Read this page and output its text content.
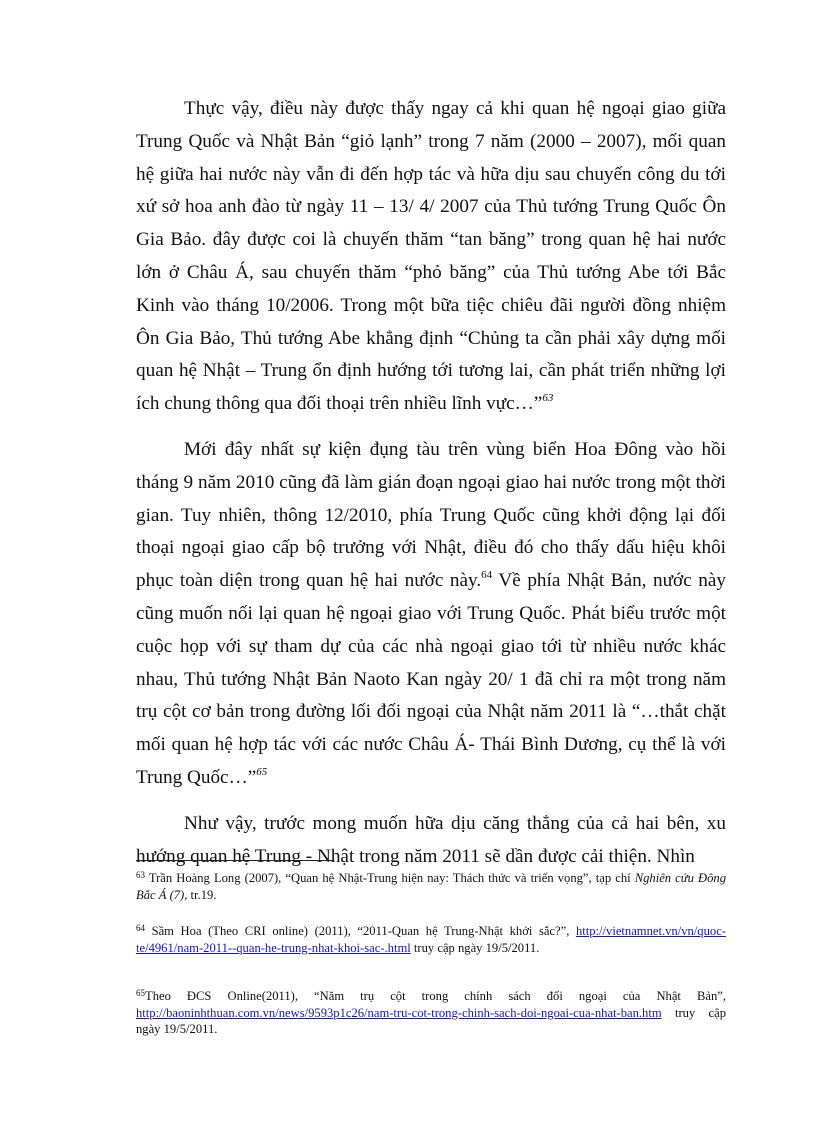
Thực vậy, điều này được thấy ngay cả khi quan hệ ngoại giao giữa Trung Quốc và Nhật Bản “giỏ lạnh” trong 7 năm (2000 – 2007), mối quan hệ giữa hai nước này vẫn đi đến hợp tác và hữa dịu sau chuyến công du tới xứ sở hoa anh đào từ ngày 11 – 13/ 4/ 2007 của Thủ tướng Trung Quốc Ôn Gia Bảo. đây được coi là chuyến thăm “tan băng” trong quan hệ hai nước lớn ở Châu Á, sau chuyến thăm “phỏ băng” của Thủ tướng Abe tới Bắc Kinh vào tháng 10/2006. Trong một bữa tiệc chiêu đãi người đồng nhiệm Ôn Gia Bảo, Thủ tướng Abe khẳng định “Chủng ta cần phải xây dựng mối quan hệ Nhật – Trung ổn định hướng tới tương lai, cần phát triển những lợi ích chung thông qua đối thoại trên nhiều lĩnh vực…”$^{63}$

Mới đây nhất sự kiện đụng tàu trên vùng biển Hoa Đông vào hồi tháng 9 năm 2010 cũng đã làm gián đoạn ngoại giao hai nước trong một thời gian. Tuy nhiên, thông 12/2010, phía Trung Quốc cũng khởi động lại đối thoại ngoại giao cấp bộ trưởng với Nhật, điều đó cho thấy dấu hiệu khôi phục toàn diện trong quan hệ hai nước này.$^{64}$ Về phía Nhật Bản, nước này cũng muốn nối lại quan hệ ngoại giao với Trung Quốc. Phát biểu trước một cuộc họp với sự tham dự của các nhà ngoại giao tới từ nhiều nước khác nhau, Thủ tướng Nhật Bản Naoto Kan ngày 20/ 1 đã chỉ ra một trong năm trụ cột cơ bản trong đường lối đối ngoại của Nhật năm 2011 là “…thắt chặt mối quan hệ hợp tác với các nước Châu Á- Thái Bình Dương, cụ thể là với Trung Quốc…”$^{65}$

Như vậy, trước mong muốn hữa dịu căng thẳng của cả hai bên, xu hướng quan hệ Trung - Nhật trong năm 2011 sẽ dần được cải thiện. Nhìn

$^{63}$ Trần Hoàng Long (2007), “Quan hệ Nhật-Trung hiện nay: Thách thức và triển vọng”, tạp chí Nghiên cứu Đông Bắc Á (7), tr.19.

$^{64}$ Sầm Hoa (Theo CRI online) (2011), “2011-Quan hệ Trung-Nhật khởi sắc?”, http://vietnamnet.vn/vn/quoc-te/4961/nam-2011--quan-he-trung-nhat-khoi-sac-.html truy cập ngày 19/5/2011.

$^{65}$Theo ĐCS Online(2011), “Năm trụ cột trong chính sách đối ngoại của Nhật Bản”, http://baoninhthuan.com.vn/news/9593p1c26/nam-tru-cot-trong-chinh-sach-doi-ngoai-cua-nhat-ban.htm truy cập ngày 19/5/2011.
